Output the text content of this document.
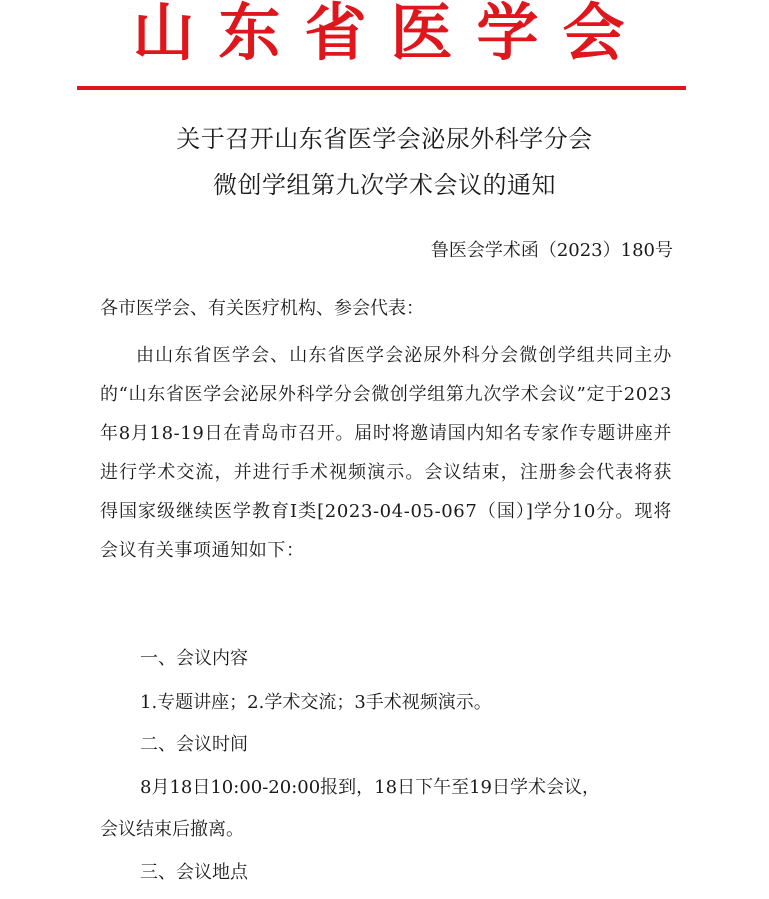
山东省医学会
关于召开山东省医学会泌尿外科学分会
微创学组第九次学术会议的通知
鲁医会学术函（2023）180号
各市医学会、有关医疗机构、参会代表：
由山东省医学会、山东省医学会泌尿外科分会微创学组共同主办的“山东省医学会泌尿外科学分会微创学组第九次学术会议”定于2023年8月18-19日在青岛市召开。届时将邀请国内知名专家作专题讲座并进行学术交流，并进行手术视频演示。会议结束，注册参会代表将获得国家级继续医学教育Ⅰ类[2023-04-05-067（国）]学分10分。现将会议有关事项通知如下：
一、会议内容
1.专题讲座；2.学术交流；3手术视频演示。
二、会议时间
8月18日10:00-20:00报到，18日下午至19日学术会议，
会议结束后撤离。
三、会议地点
